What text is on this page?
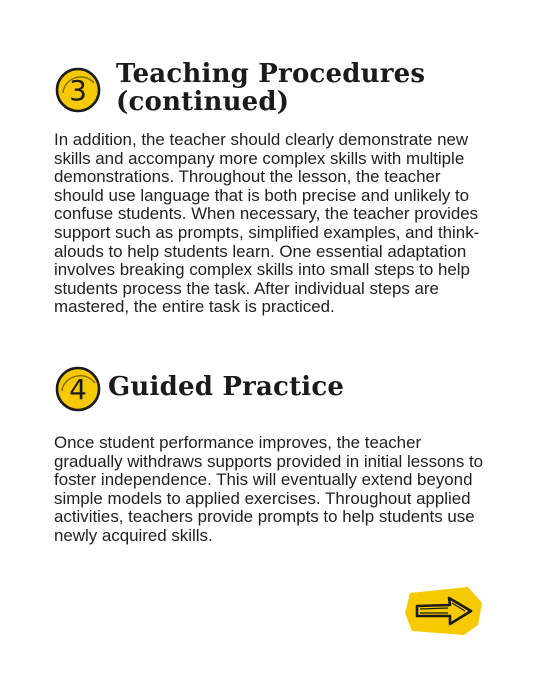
3 Teaching Procedures
(continued)

In addition, the teacher should clearly demonstrate new skills and accompany more complex skills with multiple demonstrations. Throughout the lesson, the teacher should use language that is both precise and unlikely to confuse students. When necessary, the teacher provides support such as prompts, simplified examples, and think-alouds to help students learn. One essential adaptation involves breaking complex skills into small steps to help students process the task. After individual steps are mastered, the entire task is practiced.

4 Guided Practice

Once student performance improves, the teacher gradually withdraws supports provided in initial lessons to foster independence. This will eventually extend beyond simple models to applied exercises. Throughout applied activities, teachers provide prompts to help students use newly acquired skills.
